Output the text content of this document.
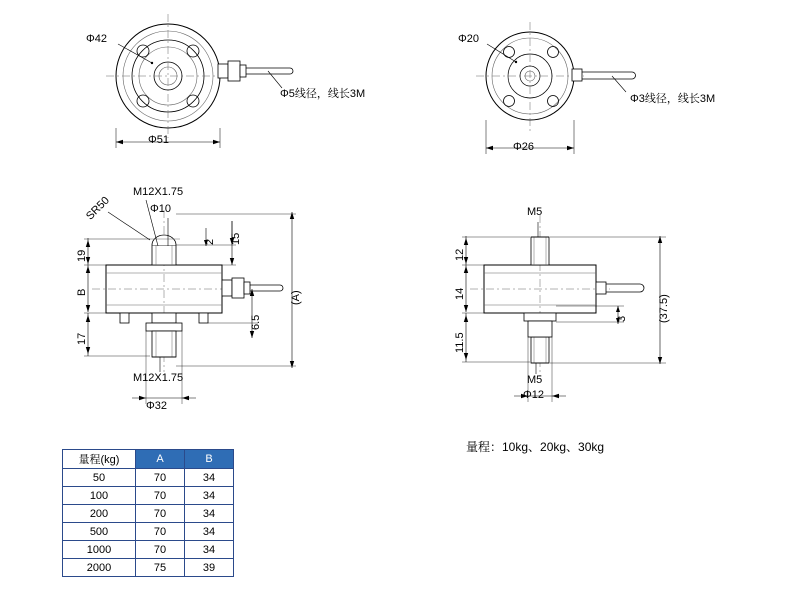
Φ42
Φ51
Φ5线径，线长3M
Φ20
Φ26
Φ3线径，线长3M
SR50
M12X1.75
Φ10
2 15
19
B
17
6.5
(A)
M12X1.75
Φ32
M5
12
14
11.5
3	(37.5)
M5
Φ12
量程：10kg、20kg、30kg
量程(kg)	A	B
50	70	34
100	70	34
200	70	34
500	70	34
1000	70	34
2000	75	39
